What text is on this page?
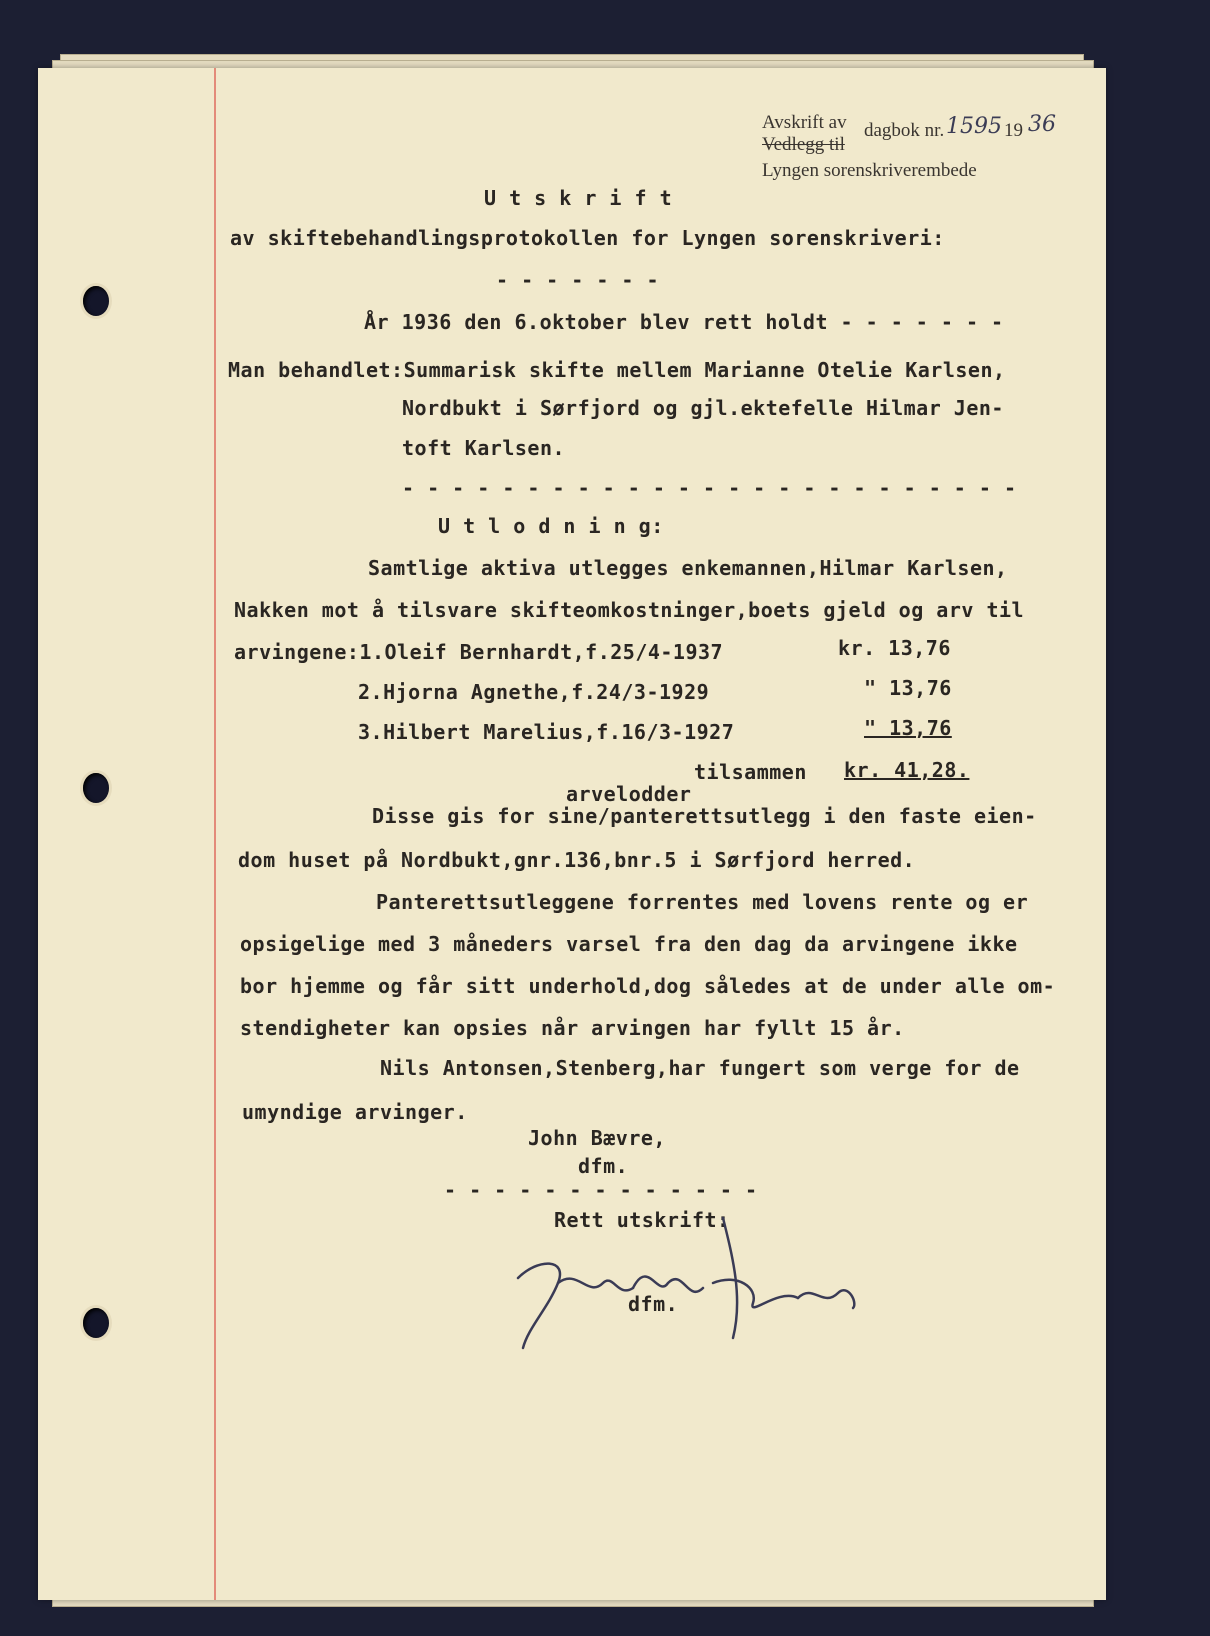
Avskrift av
Vedlegg til
dagbok nr. 1595 19 36
Lyngen sorenskriverembede
U t s k r i f t
av skiftebehandlingsprotokollen for Lyngen sorenskriveri:
- - - - - - -
År 1936 den 6.oktober blev rett holdt - - - - - - -
Man behandlet:Summarisk skifte mellem Marianne Otelie Karlsen,
Nordbukt i Sørfjord og gjl.ektefelle Hilmar Jen-
toft Karlsen.
- - - - - - - - - - - - - - - - - - - - - - - - -
U t l o d n i n g:
Samtlige aktiva utlegges enkemannen,Hilmar Karlsen,
Nakken mot å tilsvare skifteomkostninger,boets gjeld og arv til
arvingene:1.Oleif Bernhardt,f.25/4-1937	kr. 13,76
2.Hjorna Agnethe,f.24/3-1929	" 13,76
3.Hilbert Marelius,f.16/3-1927	" 13,76
tilsammen kr. 41,28.
arvelodder
Disse gis for sine/panterettsutlegg i den faste eien-
dom huset på Nordbukt,gnr.136,bnr.5 i Sørfjord herred.
Panterettsutleggene forrentes med lovens rente og er
opsigelige med 3 måneders varsel fra den dag da arvingene ikke
bor hjemme og får sitt underhold,dog således at de under alle om-
stendigheter kan opsies når arvingen har fyllt 15 år.
Nils Antonsen,Stenberg,har fungert som verge for de
umyndige arvinger.
John Bævre,
dfm.
- - - - - - - - - - - - -
Rett utskrift:
dfm.
